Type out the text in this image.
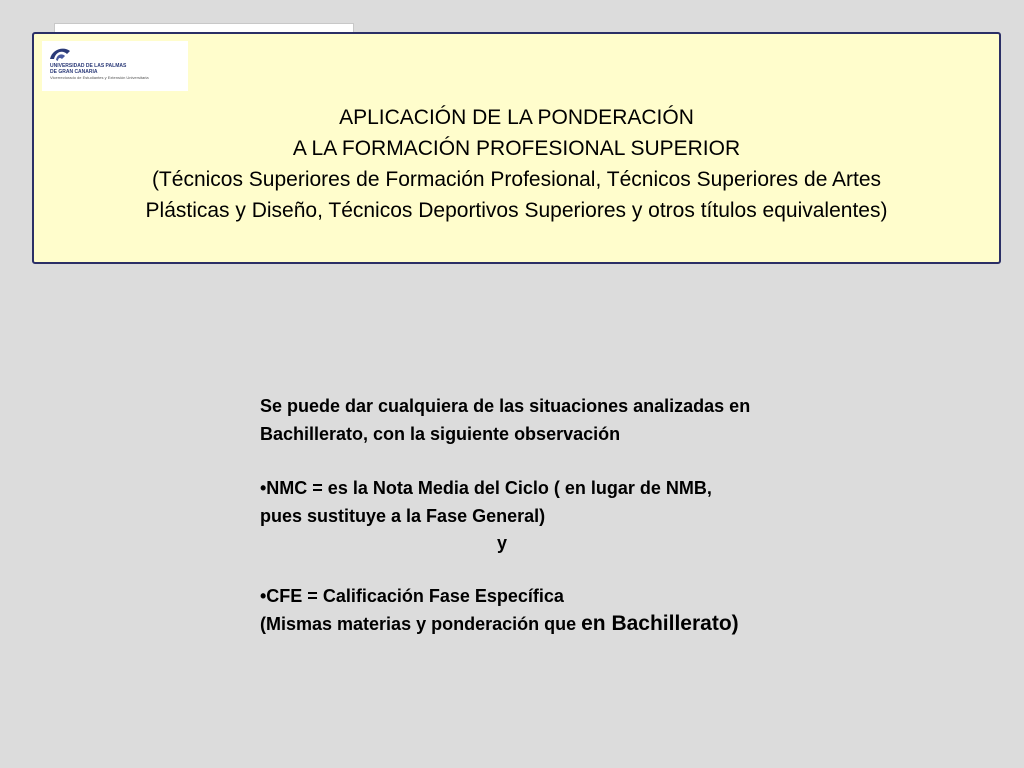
UNIVERSIDAD DE LAS PALMAS
DE GRAN CANARIA
Vicerrectorado de Estudiantes y Extensión Universitaria
APLICACIÓN DE LA PONDERACIÓN
A LA FORMACIÓN PROFESIONAL SUPERIOR
(Técnicos Superiores de Formación Profesional, Técnicos Superiores de Artes
Plásticas y Diseño, Técnicos Deportivos Superiores y otros títulos equivalentes)
Se puede dar cualquiera de las situaciones analizadas en
Bachillerato, con la siguiente observación
•NMC = es la Nota Media del Ciclo ( en lugar de NMB,
pues sustituye a la Fase General)
y
•CFE = Calificación Fase Específica
(Mismas materias y ponderación que en Bachillerato)
